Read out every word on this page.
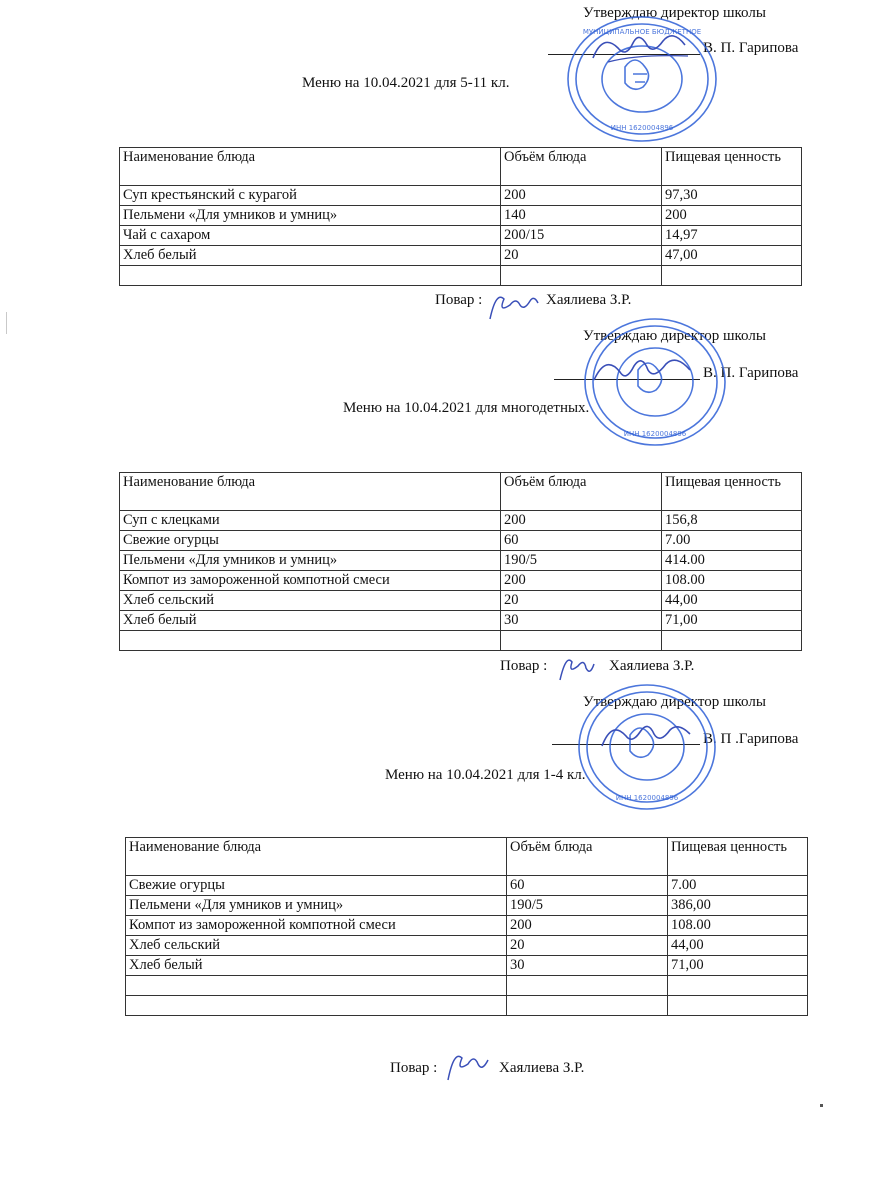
Утверждаю директор школы
В. П. Гарипова
Меню на 10.04.2021 для 5-11 кл.
МУНИЦИПАЛЬНОЕ БЮДЖЕТНОЕ
ИНН 1620004896
Наименование блюда	Объём блюда	Пищевая ценность
Суп крестьянский с курагой	200	97,30
Пельмени «Для умников и умниц»	140	200
Чай с сахаром	200/15	14,97
Хлеб белый	20	47,00

Повар :	Хаялиева З.Р.
Утверждаю директор школы
В. П. Гарипова
Меню на 10.04.2021 для многодетных.
ИНН 1620004896
Наименование блюда	Объём блюда	Пищевая ценность
Суп с клецками	200	156,8
Свежие огурцы	60	7.00
Пельмени «Для умников и умниц»	190/5	414.00
Компот из замороженной компотной смеси	200	108.00
Хлеб сельский	20	44,00
Хлеб белый	30	71,00

Повар :	Хаялиева З.Р.
Утверждаю директор школы
В. П .Гарипова
Меню на 10.04.2021 для 1-4 кл.
ИНН 1620004896
Наименование блюда	Объём блюда	Пищевая ценность
Свежие огурцы	60	7.00
Пельмени «Для умников и умниц»	190/5	386,00
Компот из замороженной компотной смеси	200	108.00
Хлеб сельский	20	44,00
Хлеб белый	30	71,00

Повар :	Хаялиева З.Р.
